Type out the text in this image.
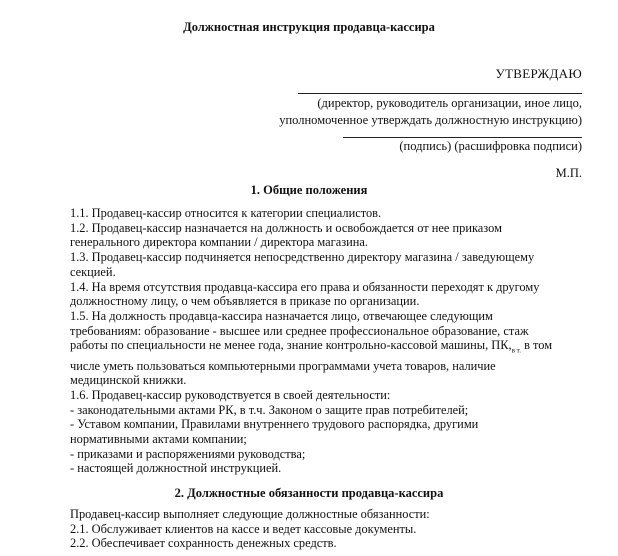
Должностная инструкция продавца-кассира
УТВЕРЖДАЮ
(директор, руководитель организации, иное лицо,
уполномоченное утверждать должностную инструкцию)
(подпись) (расшифровка подписи)
М.П.
1. Общие положения
1.1. Продавец-кассир относится к категории специалистов.
1.2. Продавец-кассир назначается на должность и освобождается от нее приказом
генерального директора компании / директора магазина.
1.3. Продавец-кассир подчиняется непосредственно директору магазина / заведующему
секцией.
1.4. На время отсутствия продавца-кассира его права и обязанности переходят к другому
должностному лицу, о чем объявляется в приказе по организации.
1.5. На должность продавца-кассира назначается лицо, отвечающее следующим
требованиям: образование - высшее или среднее профессиональное образование, стаж
работы по специальности не менее года, знание контрольно-кассовой машины, $ПК,_{в т.}$ в том
числе уметь пользоваться компьютерными программами учета товаров, наличие
медицинской книжки.
1.6. Продавец-кассир руководствуется в своей деятельности:
- законодательными актами РК, в т.ч. Законом о защите прав потребителей;
- Уставом компании, Правилами внутреннего трудового распорядка, другими
нормативными актами компании;
- приказами и распоряжениями руководства;
- настоящей должностной инструкцией.
2. Должностные обязанности продавца-кассира
Продавец-кассир выполняет следующие должностные обязанности:
2.1. Обслуживает клиентов на кассе и ведет кассовые документы.
2.2. Обеспечивает сохранность денежных средств.
